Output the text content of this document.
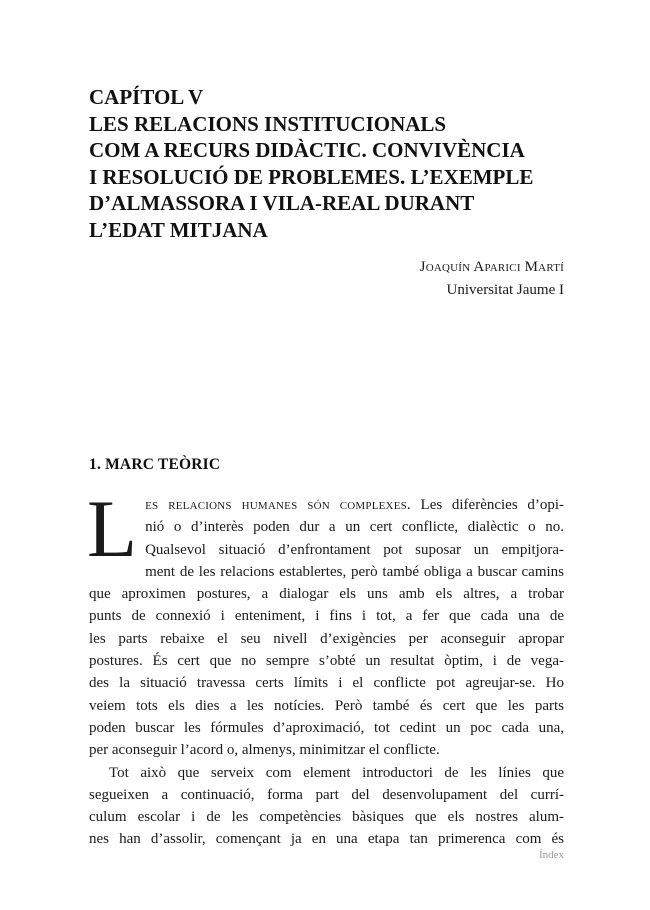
CAPÍTOL V
LES RELACIONS INSTITUCIONALS
COM A RECURS DIDÀCTIC. CONVIVÈNCIA
I RESOLUCIÓ DE PROBLEMES. L’EXEMPLE
D’ALMASSORA I VILA-REAL DURANT
L’EDAT MITJANA
Joaquín Aparici Martí
Universitat Jaume I
1. MARC TEÒRIC

L es relacions humanes són complexes. Les diferències d’opi-
nió o d’interès poden dur a un cert conflicte, dialèctic o no.
Qualsevol situació d’enfrontament pot suposar un empitjora-
ment de les relacions establertes, però també obliga a buscar camins
que aproximen postures, a dialogar els uns amb els altres, a trobar
punts de connexió i enteniment, i fins i tot, a fer que cada una de
les parts rebaixe el seu nivell d’exigències per aconseguir apropar
postures. És cert que no sempre s’obté un resultat òptim, i de vega-
des la situació travessa certs límits i el conflicte pot agreujar-se. Ho
veiem tots els dies a les notícies. Però també és cert que les parts
poden buscar les fórmules d’aproximació, tot cedint un poc cada una,
per aconseguir l’acord o, almenys, minimitzar el conflicte.

Tot això que serveix com element introductori de les línies que
segueixen a continuació, forma part del desenvolupament del currí-
culum escolar i de les competències bàsiques que els nostres alum-
nes han d’assolir, començant ja en una etapa tan primerenca com és

Índex
